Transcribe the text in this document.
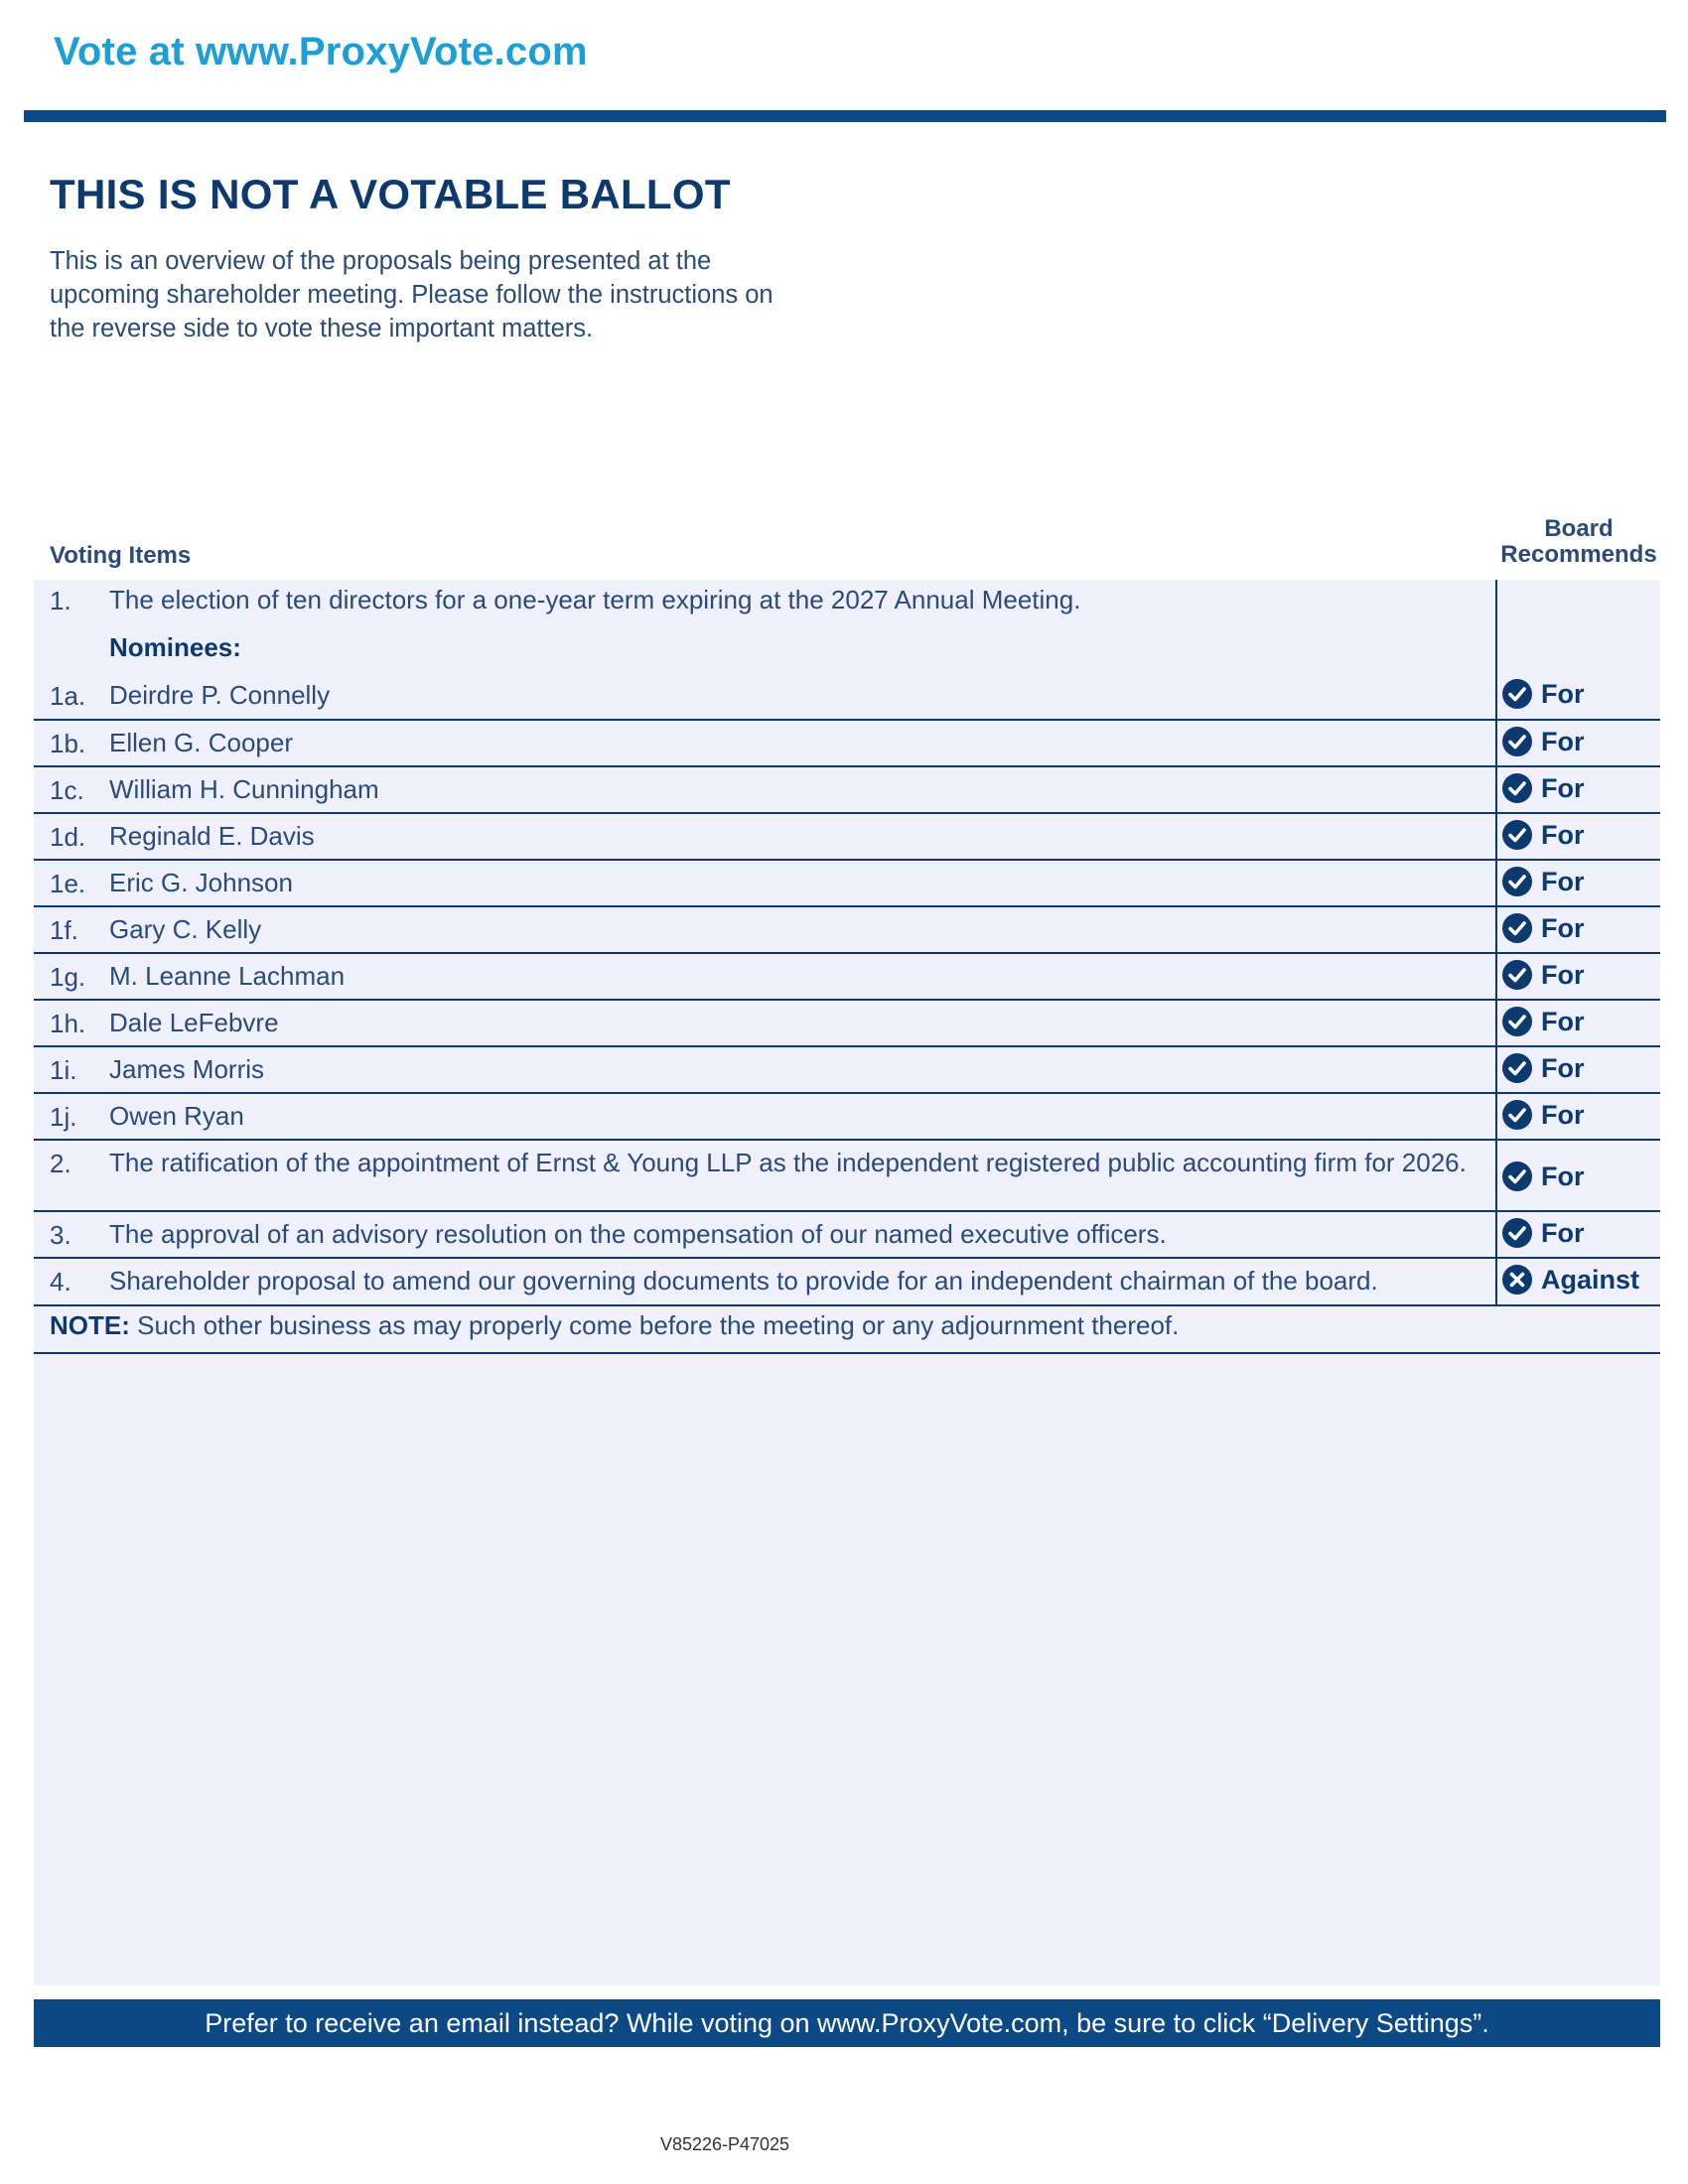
Vote at www.ProxyVote.com
THIS IS NOT A VOTABLE BALLOT
This is an overview of the proposals being presented at the
upcoming shareholder meeting. Please follow the instructions on
the reverse side to vote these important matters.
Voting Items
Board
Recommends
1. The election of ten directors for a one-year term expiring at the 2027 Annual Meeting.
Nominees:
1a. Deirdre P. Connelly	For
1b. Ellen G. Cooper	For
1c. William H. Cunningham	For
1d. Reginald E. Davis	For
1e. Eric G. Johnson	For
1f. Gary C. Kelly	For
1g. M. Leanne Lachman	For
1h. Dale LeFebvre	For
1i. James Morris	For
1j. Owen Ryan	For
2. The ratification of the appointment of Ernst & Young LLP as the independent registered public accounting firm for 2026.	For
3. The approval of an advisory resolution on the compensation of our named executive officers.	For
4. Shareholder proposal to amend our governing documents to provide for an independent chairman of the board.	Against
NOTE: Such other business as may properly come before the meeting or any adjournment thereof.
Prefer to receive an email instead? While voting on www.ProxyVote.com, be sure to click “Delivery Settings”.
V85226-P47025
